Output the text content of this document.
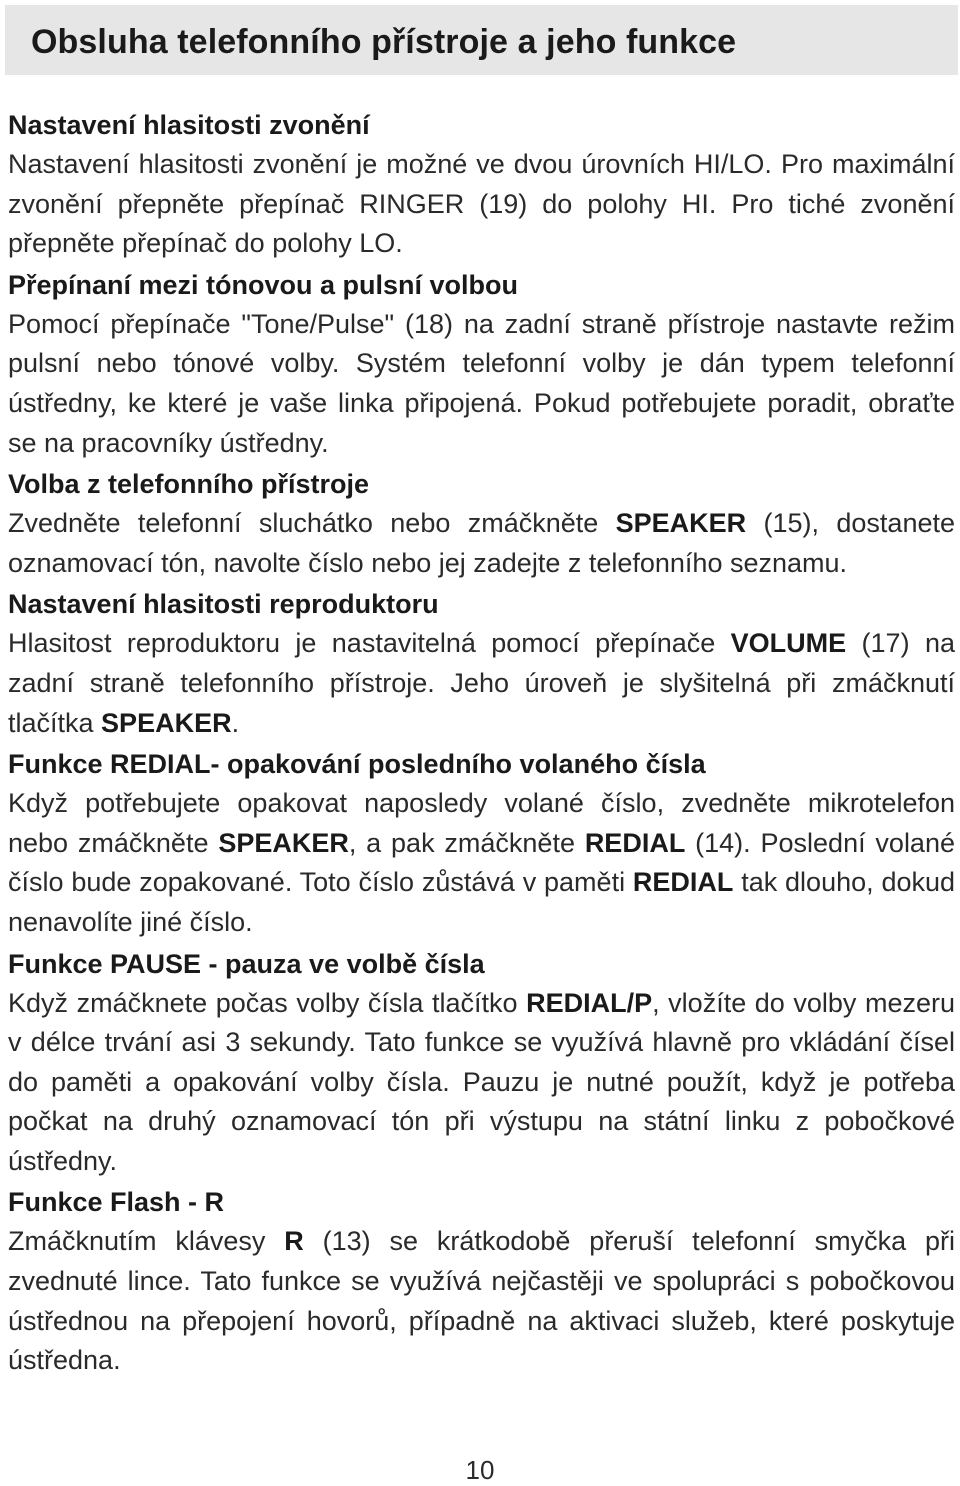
Obsluha telefonního přístroje a jeho funkce
Nastavení hlasitosti zvonění

Nastavení hlasitosti zvonění je možné ve dvou úrovních HI/LO. Pro maximální zvonění přepněte přepínač RINGER (19) do polohy HI. Pro tiché zvonění přepněte přepínač do polohy LO.

Přepínaní mezi tónovou a pulsní volbou

Pomocí přepínače "Tone/Pulse" (18) na zadní straně přístroje nastavte režim pulsní nebo tónové volby. Systém telefonní volby je dán typem telefonní ústředny, ke které je vaše linka připojená. Pokud potřebujete poradit, obraťte se na pracovníky ústředny.

Volba z telefonního přístroje

Zvedněte telefonní sluchátko nebo zmáčkněte SPEAKER (15), dostanete oznamovací tón, navolte číslo nebo jej zadejte z telefonního seznamu.

Nastavení hlasitosti reproduktoru

Hlasitost reproduktoru je nastavitelná pomocí přepínače VOLUME (17) na zadní straně telefonního přístroje. Jeho úroveň je slyšitelná při zmáčknutí tlačítka SPEAKER.

Funkce REDIAL- opakování posledního volaného čísla

Když potřebujete opakovat naposledy volané číslo, zvedněte mikrotelefon nebo zmáčkněte SPEAKER, a pak zmáčkněte REDIAL (14). Poslední volané číslo bude zopakované. Toto číslo zůstává v paměti REDIAL tak dlouho, dokud nenavolíte jiné číslo.

Funkce PAUSE - pauza ve volbě čísla

Když zmáčknete počas volby čísla tlačítko REDIAL/P, vložíte do volby mezeru v délce trvání asi 3 sekundy. Tato funkce se využívá hlavně pro vkládání čísel do paměti a opakování volby čísla. Pauzu je nutné použít, když je potřeba počkat na druhý oznamovací tón při výstupu na státní linku z pobočkové ústředny.

Funkce Flash - R

Zmáčknutím klávesy R (13) se krátkodobě přeruší telefonní smyčka při zvednuté lince. Tato funkce se využívá nejčastěji ve spolupráci s pobočkovou ústřednou na přepojení hovorů, případně na aktivaci služeb, které poskytuje ústředna.

10
